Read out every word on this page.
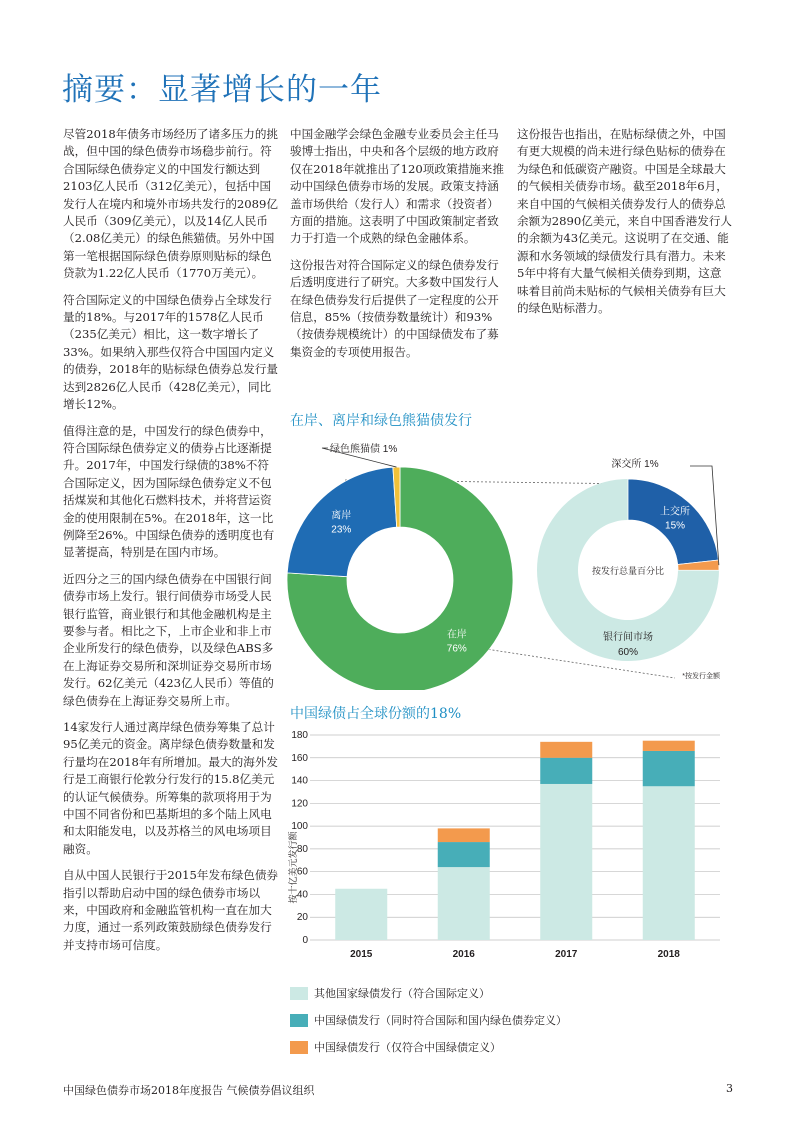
摘要：显著增长的一年

尽管2018年债务市场经历了诸多压力的挑战，但中国的绿色债券市场稳步前行。符合国际绿色债券定义的中国发行额达到2103亿人民币（312亿美元），包括中国发行人在境内和境外市场共发行的2089亿人民币（309亿美元），以及14亿人民币（2.08亿美元）的绿色熊猫债。另外中国第一笔根据国际绿色债券原则贴标的绿色贷款为1.22亿人民币（1770万美元）。

符合国际定义的中国绿色债券占全球发行量的18%。与2017年的1578亿人民币（235亿美元）相比，这一数字增长了33%。如果纳入那些仅符合中国国内定义的债券，2018年的贴标绿色债券总发行量达到2826亿人民币（428亿美元），同比增长12%。

值得注意的是，中国发行的绿色债券中，符合国际绿色债券定义的债券占比逐渐提升。2017年，中国发行绿债的38%不符合国际定义，因为国际绿色债券定义不包括煤炭和其他化石燃料技术，并将营运资金的使用限制在5%。在2018年，这一比例降至26%。中国绿色债券的透明度也有显著提高，特别是在国内市场。

近四分之三的国内绿色债券在中国银行间债券市场上发行。银行间债券市场受人民银行监管，商业银行和其他金融机构是主要参与者。相比之下，上市企业和非上市企业所发行的绿色债券，以及绿色ABS多在上海证券交易所和深圳证券交易所市场发行。62亿美元（423亿人民币）等值的绿色债券在上海证券交易所上市。

14家发行人通过离岸绿色债券筹集了总计95亿美元的资金。离岸绿色债券数量和发行量均在2018年有所增加。最大的海外发行是工商银行伦敦分行发行的15.8亿美元的认证气候债券。所筹集的款项将用于为中国不同省份和巴基斯坦的多个陆上风电和太阳能发电，以及苏格兰的风电场项目融资。

自从中国人民银行于2015年发布绿色债券指引以帮助启动中国的绿色债券市场以来，中国政府和金融监管机构一直在加大力度，通过一系列政策鼓励绿色债券发行并支持市场可信度。

中国金融学会绿色金融专业委员会主任马骏博士指出，中央和各个层级的地方政府仅在2018年就推出了120项政策措施来推动中国绿色债券市场的发展。政策支持涵盖市场供给（发行人）和需求（投资者）方面的措施。这表明了中国政策制定者致力于打造一个成熟的绿色金融体系。

这份报告对符合国际定义的绿色债券发行后透明度进行了研究。大多数中国发行人在绿色债券发行后提供了一定程度的公开信息，85%（按债券数量统计）和93%（按债券规模统计）的中国绿债发布了募集资金的专项使用报告。

这份报告也指出，在贴标绿债之外，中国有更大规模的尚未进行绿色贴标的债券在为绿色和低碳资产融资。中国是全球最大的气候相关债券市场。截至2018年6月，来自中国的气候相关债券发行人的债券总余额为2890亿美元，来自中国香港发行人的余额为43亿美元。这说明了在交通、能源和水务领域的绿债发行具有潜力。未来5年中将有大量气候相关债券到期，这意味着目前尚未贴标的气候相关债券有巨大的绿色贴标潜力。

在岸、离岸和绿色熊猫债发行
在岸
76%
离岸
23%
绿色熊猫债 1%
上交所
15%
深交所 1%
银行间市场
60%
按发行总量百分比
*按发行金额
中国绿债占全球份额的18%
0
20
40
60
80
100
120
140
160
180
2015	2016	2017	2018
按十亿美元发行额
其他国家绿债发行（符合国际定义）
中国绿债发行（同时符合国际和国内绿色债券定义）
中国绿债发行（仅符合中国绿债定义）
中国绿色债券市场2018年度报告 气候债券倡议组织	3
